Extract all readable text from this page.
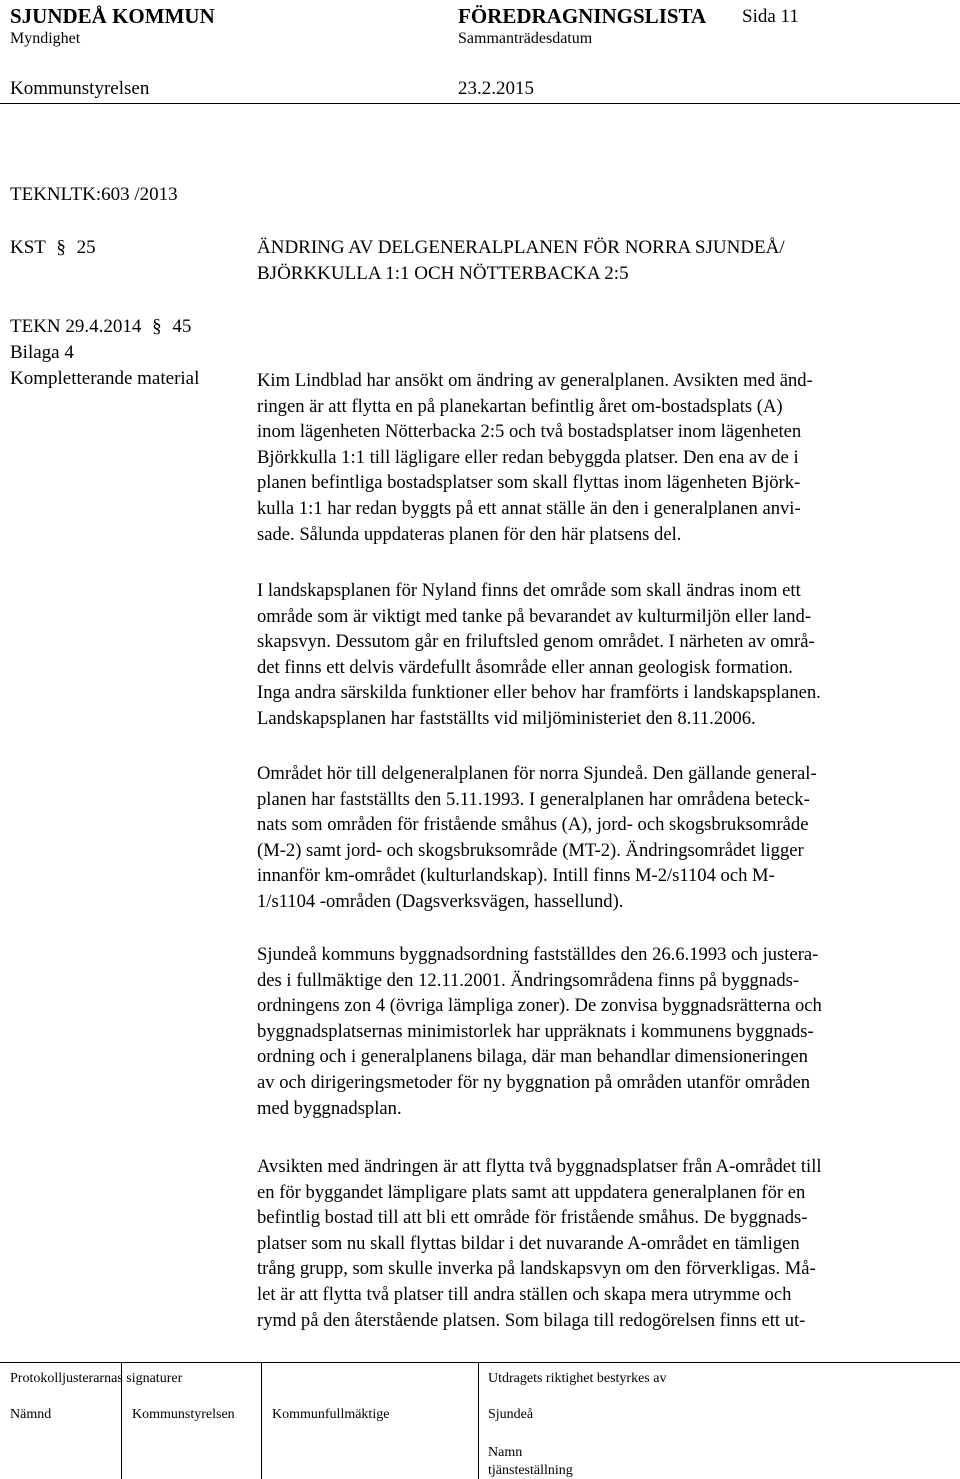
SJUNDEÅ KOMMUN	FÖREDRAGNINGSLISTA Sida 11
Myndighet	Sammanträdesdatum
Kommunstyrelsen	23.2.2015
TEKNLTK:603 /2013
KST § 25
TEKN 29.4.2014 § 45
Bilaga 4
Kompletterande material
ÄNDRING AV DELGENERALPLANEN FÖR NORRA SJUNDEÅ/
BJÖRKKULLA 1:1 OCH NÖTTERBACKA 2:5
Kim Lindblad har ansökt om ändring av generalplanen. Avsikten med änd-
ringen är att flytta en på planekartan befintlig året om-bostadsplats (A)
inom lägenheten Nötterbacka 2:5 och två bostadsplatser inom lägenheten
Björkkulla 1:1 till lägligare eller redan bebyggda platser. Den ena av de i
planen befintliga bostadsplatser som skall flyttas inom lägenheten Björk-
kulla 1:1 har redan byggts på ett annat ställe än den i generalplanen anvi-
sade. Sålunda uppdateras planen för den här platsens del.
I landskapsplanen för Nyland finns det område som skall ändras inom ett
område som är viktigt med tanke på bevarandet av kulturmiljön eller land-
skapsvyn. Dessutom går en friluftsled genom området. I närheten av områ-
det finns ett delvis värdefullt åsområde eller annan geologisk formation.
Inga andra särskilda funktioner eller behov har framförts i landskapsplanen.
Landskapsplanen har fastställts vid miljöministeriet den 8.11.2006.
Området hör till delgeneralplanen för norra Sjundeå. Den gällande general-
planen har fastställts den 5.11.1993. I generalplanen har områdena beteck-
nats som områden för fristående småhus (A), jord- och skogsbruksområde
(M-2) samt jord- och skogsbruksområde (MT-2). Ändringsområdet ligger
innanför km-området (kulturlandskap). Intill finns M-2/s1104 och M-
1/s1104 -områden (Dagsverksvägen, hassellund).
Sjundeå kommuns byggnadsordning fastställdes den 26.6.1993 och justera-
des i fullmäktige den 12.11.2001. Ändringsområdena finns på byggnads-
ordningens zon 4 (övriga lämpliga zoner). De zonvisa byggnadsrätterna och
byggnadsplatsernas minimistorlek har uppräknats i kommunens byggnads-
ordning och i generalplanens bilaga, där man behandlar dimensioneringen
av och dirigeringsmetoder för ny byggnation på områden utanför områden
med byggnadsplan.
Avsikten med ändringen är att flytta två byggnadsplatser från A-området till
en för byggandet lämpligare plats samt att uppdatera generalplanen för en
befintlig bostad till att bli ett område för fristående småhus. De byggnads-
platser som nu skall flyttas bildar i det nuvarande A-området en tämligen
trång grupp, som skulle inverka på landskapsvyn om den förverkligas. Må-
let är att flytta två platser till andra ställen och skapa mera utrymme och
rymd på den återstående platsen. Som bilaga till redogörelsen finns ett ut-
Protokolljusterarnas signaturer	Utdragets riktighet bestyrkes av
Nämnd	Kommunstyrelsen	Kommunfullmäktige	Sjundeå
Namn
tjänsteställning
